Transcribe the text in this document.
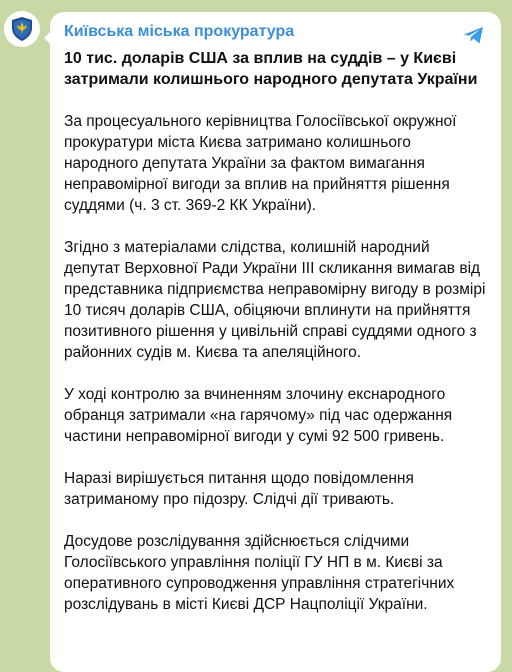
Київська міська прокуратура
10 тис. доларів США за вплив на суддів – у Києві затримали колишнього народного депутата України
За процесуального керівництва Голосіївської окружної прокуратури міста Києва затримано колишнього народного депутата України за фактом вимагання неправомірної вигоди за вплив на прийняття рішення суддями (ч. 3 ст. 369-2 КК України).
Згідно з матеріалами слідства, колишній народний депутат Верховної Ради України ІІІ скликання вимагав від представника підприємства неправомірну вигоду в розмірі 10 тисяч доларів США, обіцяючи вплинути на прийняття позитивного рішення у цивільній справі суддями одного з районних судів м. Києва та апеляційного.
У ході контролю за вчиненням злочину екснародного обранця затримали «на гарячому» під час одержання частини неправомірної вигоди у сумі 92 500 гривень.
Наразі вирішується питання щодо повідомлення затриманому про підозру. Слідчі дії тривають.
Досудове розслідування здійснюється слідчими Голосіївського управління поліції ГУ НП в м. Києві за оперативного супроводження управління стратегічних розслідувань в місті Києві ДСР Нацполіції України.
